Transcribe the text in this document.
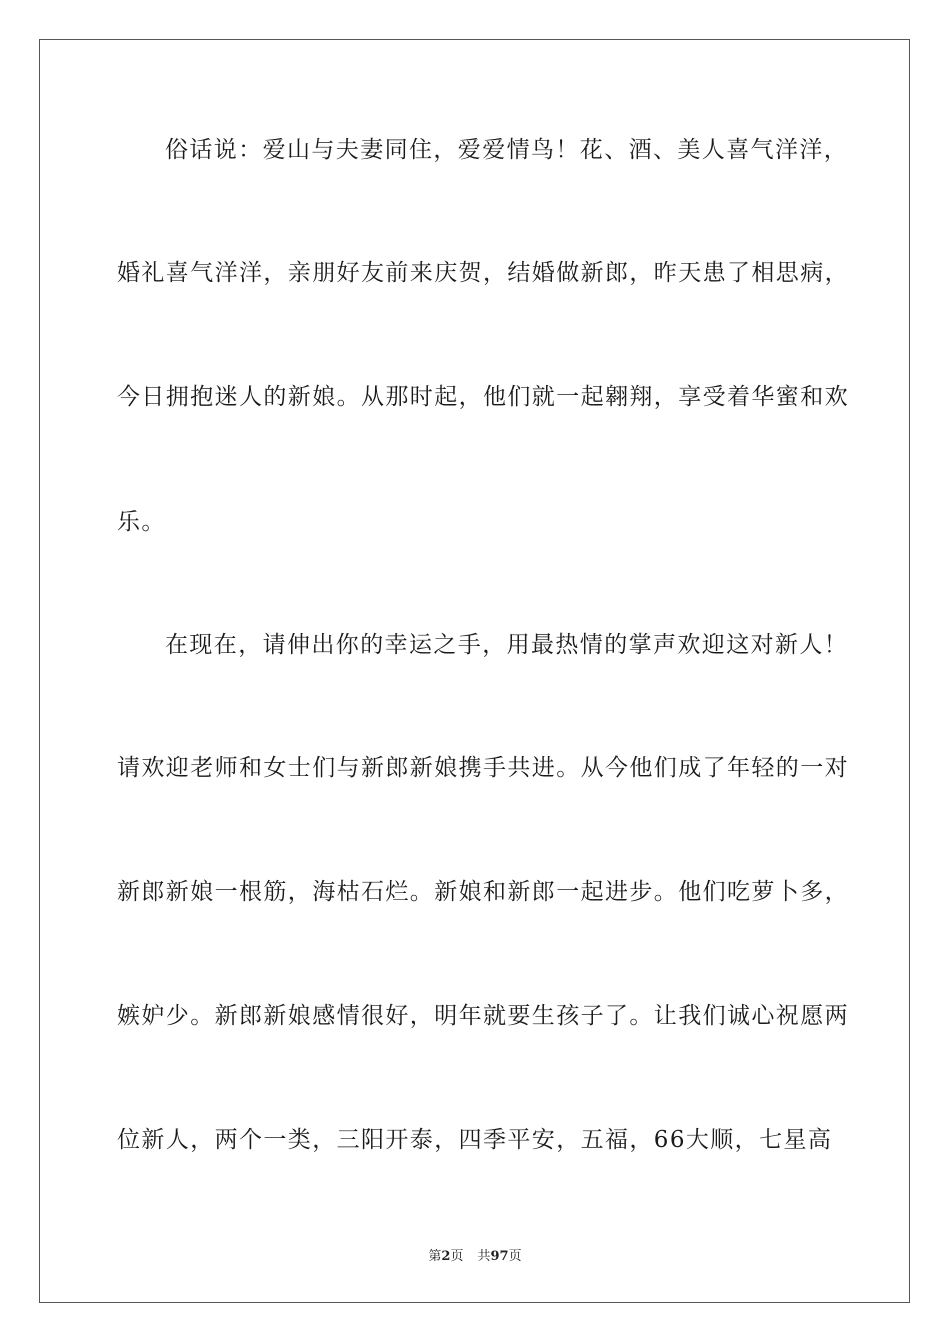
俗话说：爱山与夫妻同住，爱爱情鸟！花、酒、美人喜气洋洋，
婚礼喜气洋洋，亲朋好友前来庆贺，结婚做新郎，昨天患了相思病，
今日拥抱迷人的新娘。从那时起，他们就一起翱翔，享受着华蜜和欢
乐。
在现在，请伸出你的幸运之手，用最热情的掌声欢迎这对新人！
请欢迎老师和女士们与新郎新娘携手共进。从今他们成了年轻的一对
新郎新娘一根筋，海枯石烂。新娘和新郎一起进步。他们吃萝卜多，
嫉妒少。新郎新娘感情很好，明年就要生孩子了。让我们诚心祝愿两
位新人，两个一类，三阳开泰，四季平安，五福，66大顺，七星高
第2页 共97页
